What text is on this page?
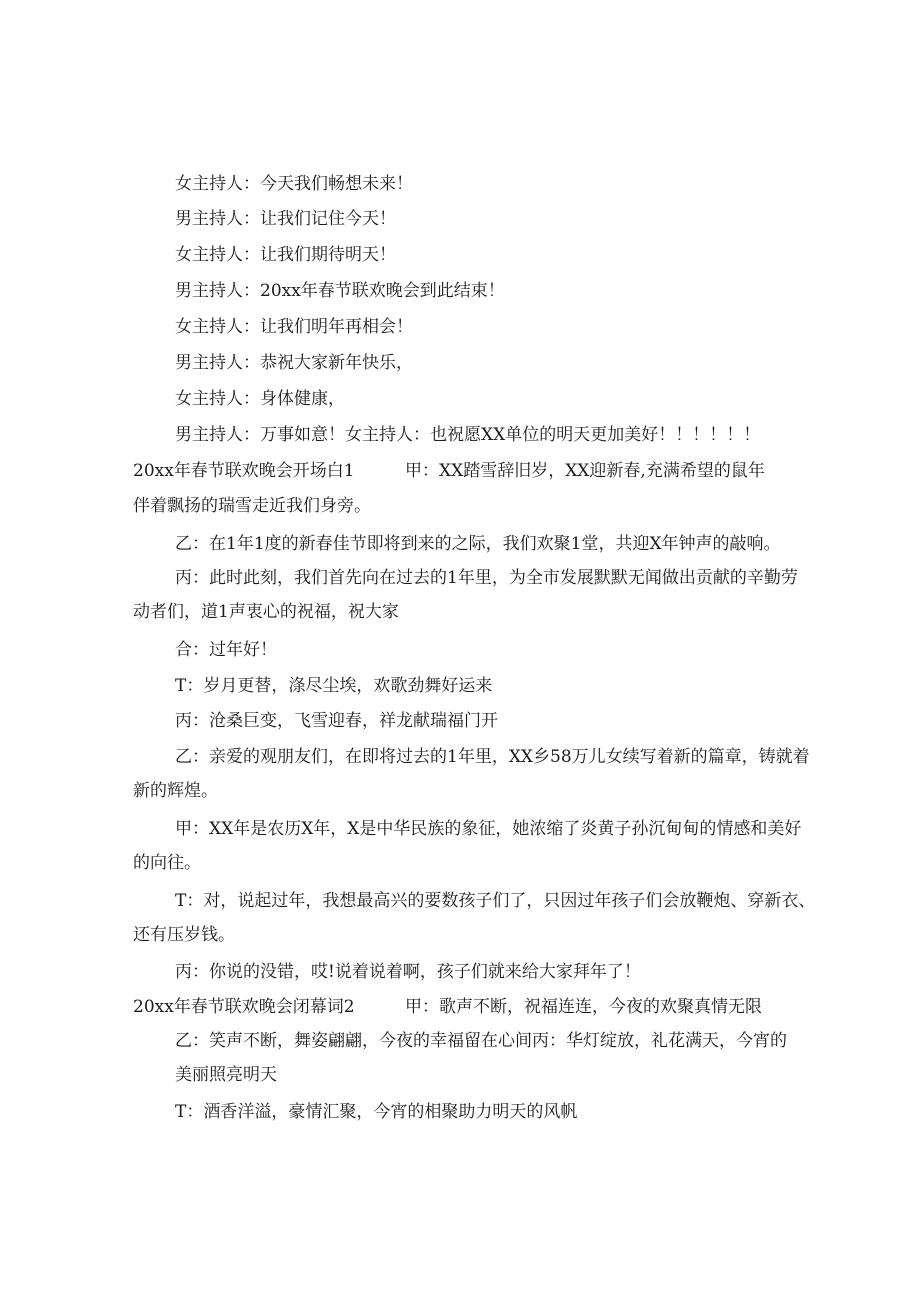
女主持人：今天我们畅想未来！
男主持人：让我们记住今天！
女主持人：让我们期待明天！
男主持人：20xx年春节联欢晚会到此结束！
女主持人：让我们明年再相会！
男主持人：恭祝大家新年快乐，
女主持人：身体健康，
男主持人：万事如意！女主持人：也祝愿XX单位的明天更加美好！！！！！！
20xx年春节联欢晚会开场白1	甲：XX踏雪辞旧岁，XX迎新春,充满希望的鼠年
伴着飘扬的瑞雪走近我们身旁。
乙：在1年1度的新春佳节即将到来的之际，我们欢聚1堂，共迎X年钟声的敲响。
丙：此时此刻，我们首先向在过去的1年里，为全市发展默默无闻做出贡献的辛勤劳
动者们，道1声衷心的祝福，祝大家
合：过年好！
T：岁月更替，涤尽尘埃，欢歌劲舞好运来
丙：沧桑巨变，飞雪迎春，祥龙献瑞福门开
乙：亲爱的观朋友们，在即将过去的1年里，XX乡58万儿女续写着新的篇章，铸就着
新的辉煌。
甲：XX年是农历X年，X是中华民族的象征，她浓缩了炎黄子孙沉甸甸的情感和美好
的向往。
T：对，说起过年，我想最高兴的要数孩子们了，只因过年孩子们会放鞭炮、穿新衣、
还有压岁钱。
丙：你说的没错，哎!说着说着啊，孩子们就来给大家拜年了！
20xx年春节联欢晚会闭幕词2	甲：歌声不断，祝福连连，今夜的欢聚真情无限
乙：笑声不断，舞姿翩翩，今夜的幸福留在心间丙：华灯绽放，礼花满天，今宵的
美丽照亮明天
T：酒香洋溢，豪情汇聚，今宵的相聚助力明天的风帆
